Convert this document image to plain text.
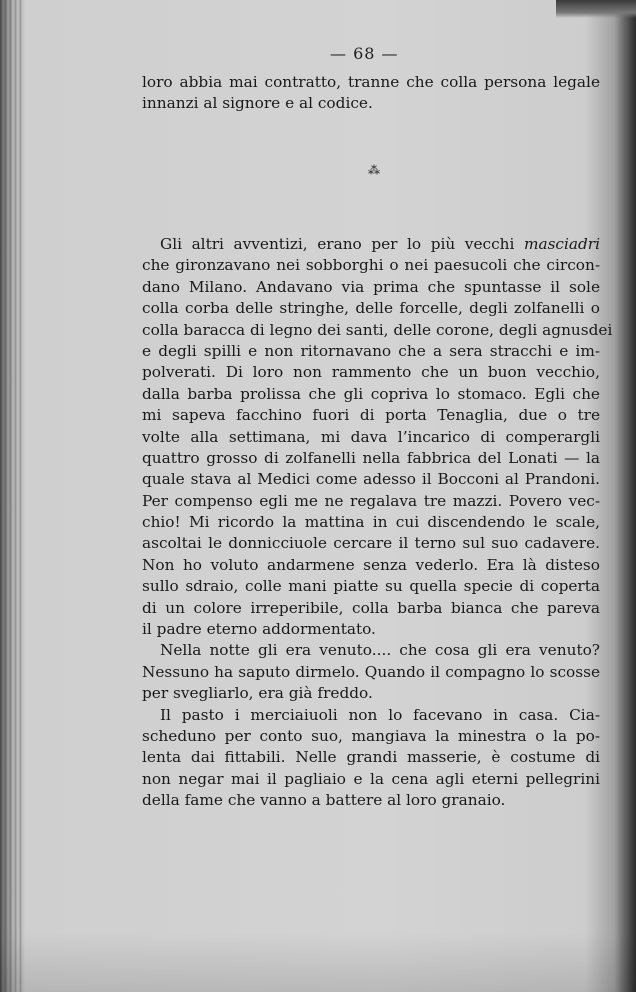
— 68 —
loro abbia mai contratto, tranne che colla persona legale
innanzi al signore e al codice.
⁂
Gli altri avventizi, erano per lo più vecchi masciadri
che gironzavano nei sobborghi o nei paesucoli che circon-
dano Milano. Andavano via prima che spuntasse il sole
colla corba delle stringhe, delle forcelle, degli zolfanelli o
colla baracca di legno dei santi, delle corone, degli agnusdei
e degli spilli e non ritornavano che a sera stracchi e im-
polverati. Di loro non rammento che un buon vecchio,
dalla barba prolissa che gli copriva lo stomaco. Egli che
mi sapeva facchino fuori di porta Tenaglia, due o tre
volte alla settimana, mi dava l’incarico di comperargli
quattro grosso di zolfanelli nella fabbrica del Lonati — la
quale stava al Medici come adesso il Bocconi al Prandoni.
Per compenso egli me ne regalava tre mazzi. Povero vec-
chio! Mi ricordo la mattina in cui discendendo le scale,
ascoltai le donnicciuole cercare il terno sul suo cadavere.
Non ho voluto andarmene senza vederlo. Era là disteso
sullo sdraio, colle mani piatte su quella specie di coperta
di un colore irreperibile, colla barba bianca che pareva
il padre eterno addormentato.
Nella notte gli era venuto.... che cosa gli era venuto?
Nessuno ha saputo dirmelo. Quando il compagno lo scosse
per svegliarlo, era già freddo.
Il pasto i merciaiuoli non lo facevano in casa. Cia-
scheduno per conto suo, mangiava la minestra o la po-
lenta dai fittabili. Nelle grandi masserie, è costume di
non negar mai il pagliaio e la cena agli eterni pellegrini
della fame che vanno a battere al loro granaio.
